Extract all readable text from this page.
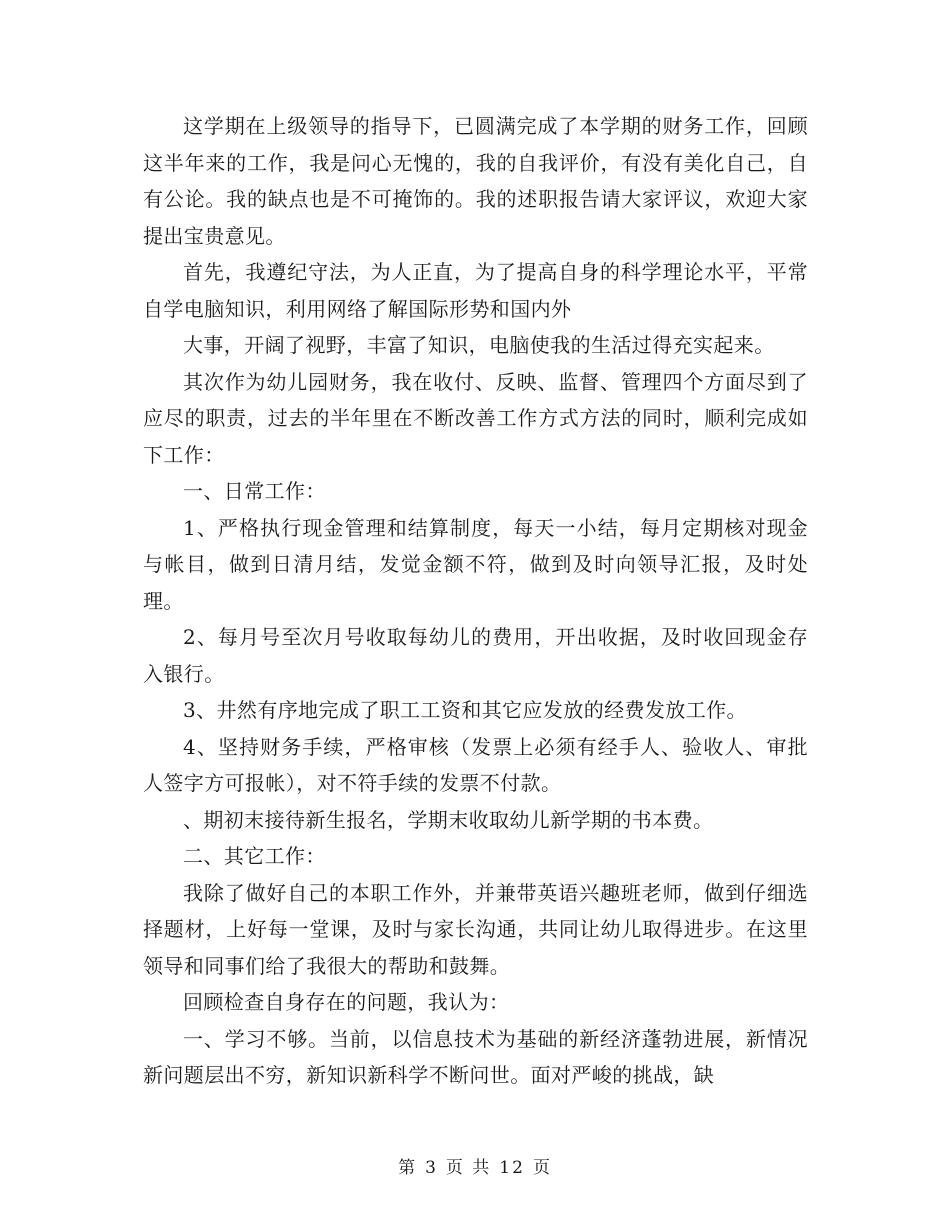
这学期在上级领导的指导下，已圆满完成了本学期的财务工作，回顾这半年来的工作，我是问心无愧的，我的自我评价，有没有美化自己，自有公论。我的缺点也是不可掩饰的。我的述职报告请大家评议，欢迎大家提出宝贵意见。

首先，我遵纪守法，为人正直，为了提高自身的科学理论水平，平常自学电脑知识，利用网络了解国际形势和国内外

大事，开阔了视野，丰富了知识，电脑使我的生活过得充实起来。

其次作为幼儿园财务，我在收付、反映、监督、管理四个方面尽到了应尽的职责，过去的半年里在不断改善工作方式方法的同时，顺利完成如下工作：

一、日常工作：

1、严格执行现金管理和结算制度，每天一小结，每月定期核对现金与帐目，做到日清月结，发觉金额不符，做到及时向领导汇报，及时处理。

2、每月号至次月号收取每幼儿的费用，开出收据，及时收回现金存入银行。

3、井然有序地完成了职工工资和其它应发放的经费发放工作。

4、坚持财务手续，严格审核（发票上必须有经手人、验收人、审批人签字方可报帐），对不符手续的发票不付款。

、期初末接待新生报名，学期末收取幼儿新学期的书本费。

二、其它工作：

我除了做好自己的本职工作外，并兼带英语兴趣班老师，做到仔细选择题材，上好每一堂课，及时与家长沟通，共同让幼儿取得进步。在这里领导和同事们给了我很大的帮助和鼓舞。

回顾检查自身存在的问题，我认为：

一、学习不够。当前，以信息技术为基础的新经济蓬勃进展，新情况新问题层出不穷，新知识新科学不断问世。面对严峻的挑战，缺

第 3 页 共 12 页
